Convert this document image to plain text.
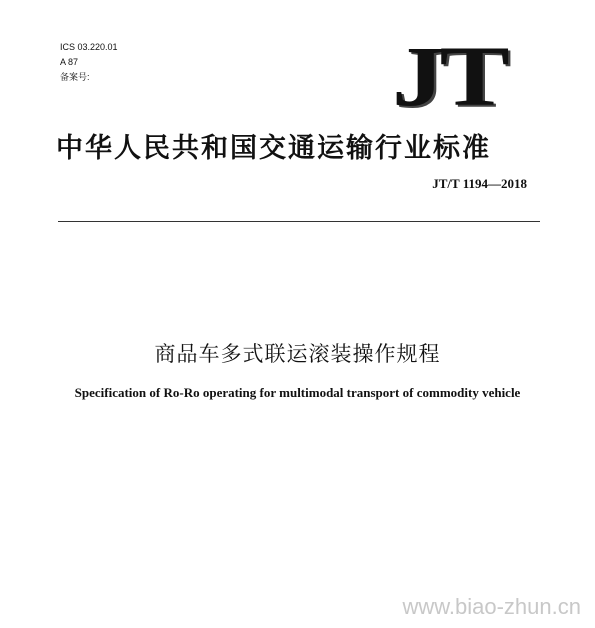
ICS 03.220.01
A 87
备案号:	JT
中华人民共和国交通运输行业标准
JT/T 1194—2018
商品车多式联运滚装操作规程
Specification of Ro-Ro operating for multimodal transport of commodity vehicle
www.biao-zhun.cn
